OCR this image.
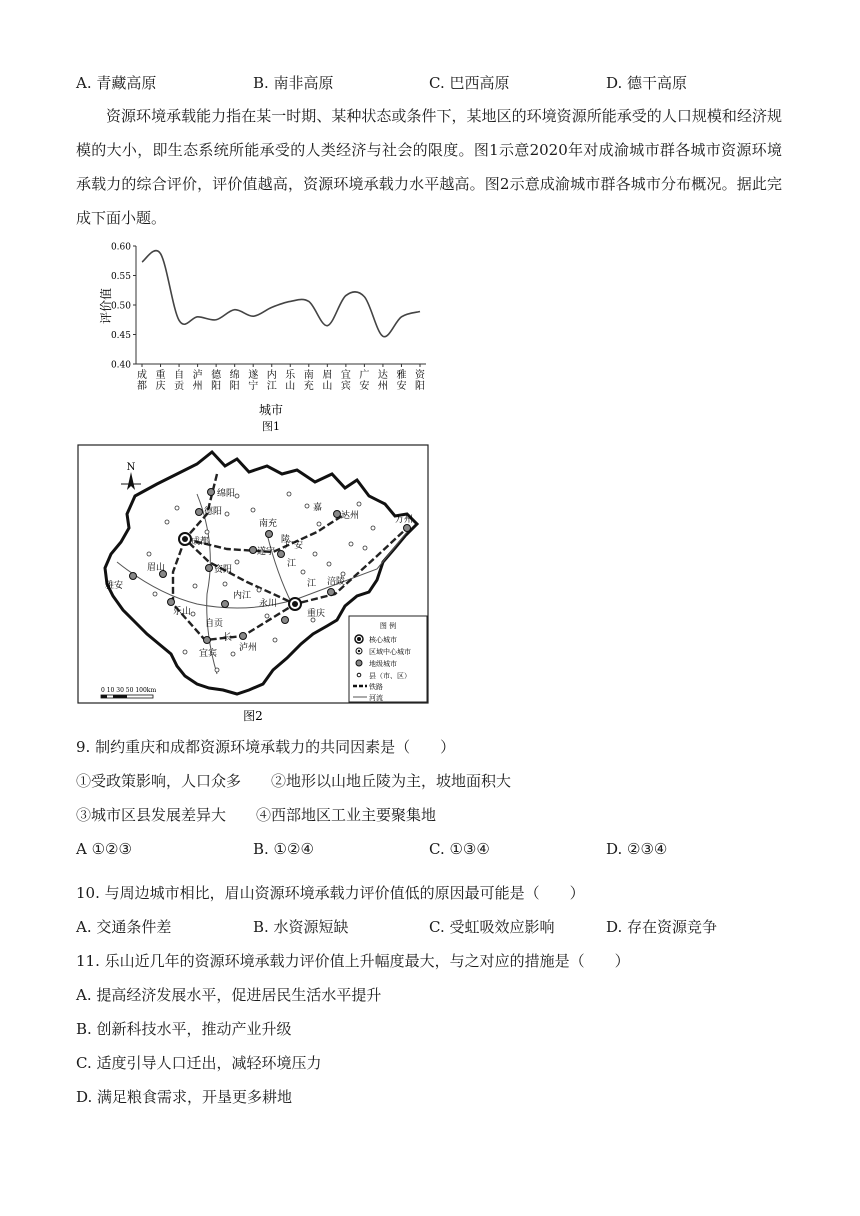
A. 青藏高原	B. 南非高原	C. 巴西高原	D. 德干高原
资源环境承载能力指在某一时期、某种状态或条件下，某地区的环境资源所能承受的人口规模和经济规模的大小，即生态系统所能承受的人类经济与社会的限度。图1示意2020年对成渝城市群各城市资源环境承载力的综合评价，评价值越高，资源环境承载力水平越高。图2示意成渝城市群各城市分布概况。据此完成下面小题。
0.40
0.45
0.50
0.55
0.60
成都
重庆
自贡
泸州
德阳
绵阳
遂宁
内江
乐山
南充
眉山
宜宾
广安
达州
雅安
资阳
评价值
城市
图1
N
绵阳
德阳
成都
南充
嘉
达州	万州
遂宁
陵
广安
资阳
江
眉山
雅安
乐山
内江
永川
江 涪陵
重庆
自贡
长
宜宾
泸州
图 例
核心城市
区域中心城市
地级城市
县（市、区）
铁路
河流
0 10 30 50 100km
图2
9. 制约重庆和成都资源环境承载力的共同因素是（　　）
①受政策影响，人口众多　　②地形以山地丘陵为主，坡地面积大
③城市区县发展差异大　　④西部地区工业主要聚集地
A ①②③	B. ①②④	C. ①③④	D. ②③④
10. 与周边城市相比，眉山资源环境承载力评价值低的原因最可能是（　　）
A. 交通条件差	B. 水资源短缺	C. 受虹吸效应影响	D. 存在资源竞争
11. 乐山近几年的资源环境承载力评价值上升幅度最大，与之对应的措施是（　　）
A. 提高经济发展水平，促进居民生活水平提升
B. 创新科技水平，推动产业升级
C. 适度引导人口迁出，减轻环境压力
D. 满足粮食需求，开垦更多耕地
